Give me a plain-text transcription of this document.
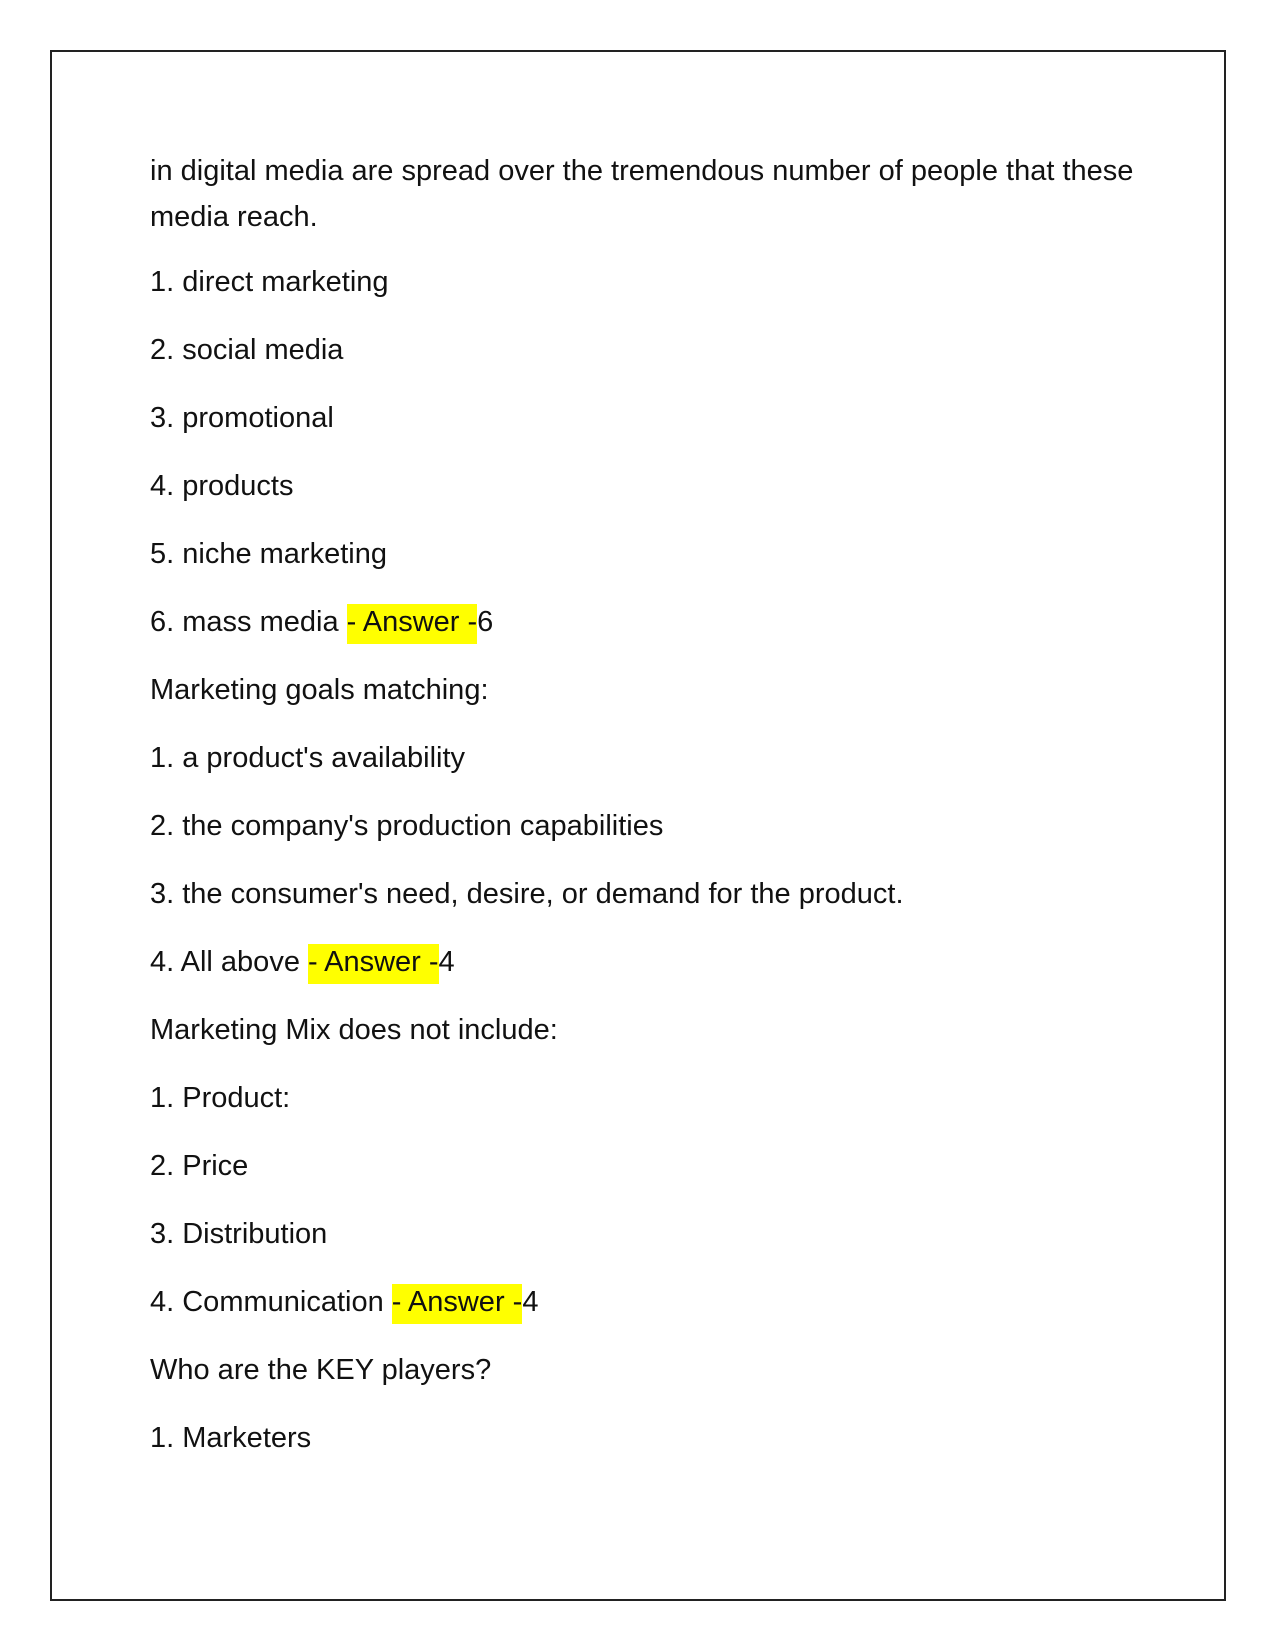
in digital media are spread over the tremendous number of people that these media reach.

1. direct marketing
2. social media
3. promotional
4. products
5. niche marketing
6. mass media - Answer -6
Marketing goals matching:
1. a product's availability
2. the company's production capabilities
3. the consumer's need, desire, or demand for the product.
4. All above - Answer -4
Marketing Mix does not include:
1. Product:
2. Price
3. Distribution
4. Communication - Answer -4
Who are the KEY players?
1. Marketers
